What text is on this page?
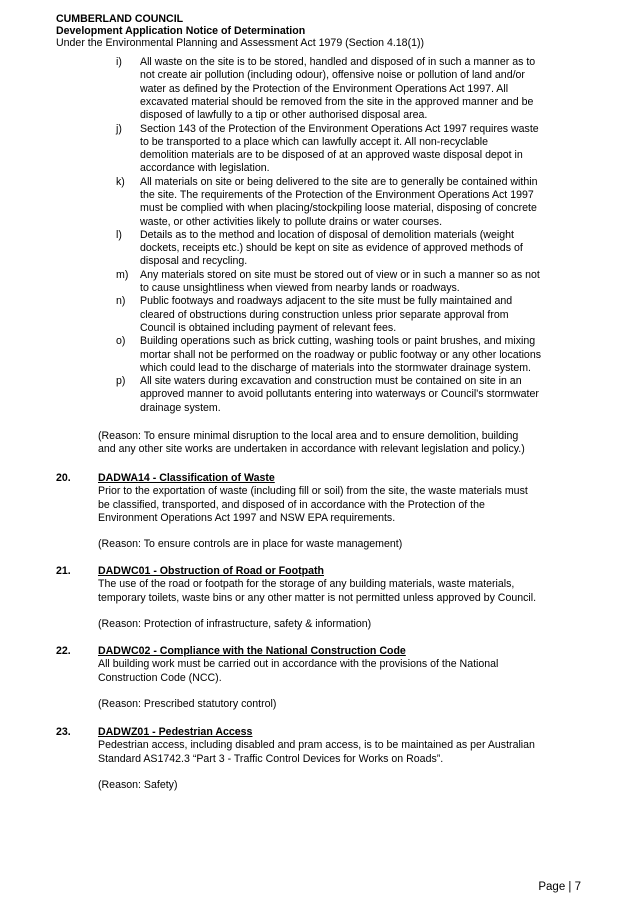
CUMBERLAND COUNCIL
Development Application Notice of Determination
Under the Environmental Planning and Assessment Act 1979 (Section 4.18(1))
Page | 7
i)	All waste on the site is to be stored, handled and disposed of in such a manner as to
not create air pollution (including odour), offensive noise or pollution of land and/or
water as defined by the Protection of the Environment Operations Act 1997. All
excavated material should be removed from the site in the approved manner and be
disposed of lawfully to a tip or other authorised disposal area.
j)	Section 143 of the Protection of the Environment Operations Act 1997 requires waste
to be transported to a place which can lawfully accept it. All non-recyclable
demolition materials are to be disposed of at an approved waste disposal depot in
accordance with legislation.
k)	All materials on site or being delivered to the site are to generally be contained within
the site. The requirements of the Protection of the Environment Operations Act 1997
must be complied with when placing/stockpiling loose material, disposing of concrete
waste, or other activities likely to pollute drains or water courses.
l)	Details as to the method and location of disposal of demolition materials (weight
dockets, receipts etc.) should be kept on site as evidence of approved methods of
disposal and recycling.
m)	Any materials stored on site must be stored out of view or in such a manner so as not
to cause unsightliness when viewed from nearby lands or roadways.
n)	Public footways and roadways adjacent to the site must be fully maintained and
cleared of obstructions during construction unless prior separate approval from
Council is obtained including payment of relevant fees.
o)	Building operations such as brick cutting, washing tools or paint brushes, and mixing
mortar shall not be performed on the roadway or public footway or any other locations
which could lead to the discharge of materials into the stormwater drainage system.
p)	All site waters during excavation and construction must be contained on site in an
approved manner to avoid pollutants entering into waterways or Council's stormwater
drainage system.
(Reason: To ensure minimal disruption to the local area and to ensure demolition, building
and any other site works are undertaken in accordance with relevant legislation and policy.)
20.	DADWA14 - Classification of Waste
Prior to the exportation of waste (including fill or soil) from the site, the waste materials must
be classified, transported, and disposed of in accordance with the Protection of the
Environment Operations Act 1997 and NSW EPA requirements.
(Reason: To ensure controls are in place for waste management)
21.	DADWC01 - Obstruction of Road or Footpath
The use of the road or footpath for the storage of any building materials, waste materials,
temporary toilets, waste bins or any other matter is not permitted unless approved by Council.
(Reason: Protection of infrastructure, safety & information)
22.	DADWC02 - Compliance with the National Construction Code
All building work must be carried out in accordance with the provisions of the National
Construction Code (NCC).
(Reason: Prescribed statutory control)
23.	DADWZ01 - Pedestrian Access
Pedestrian access, including disabled and pram access, is to be maintained as per Australian
Standard AS1742.3 “Part 3 - Traffic Control Devices for Works on Roads”.
(Reason: Safety)
